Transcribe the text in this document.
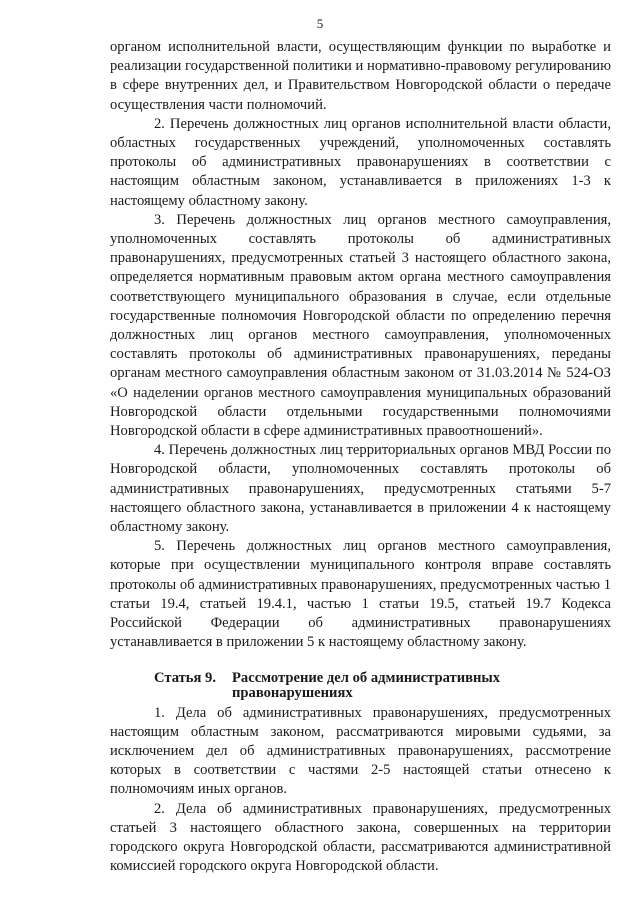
5

органом исполнительной власти, осуществляющим функции по выработке и реализации государственной политики и нормативно-правовому регулированию в сфере внутренних дел, и Правительством Новгородской области о передаче осуществления части полномочий.

2. Перечень должностных лиц органов исполнительной власти области, областных государственных учреждений, уполномоченных составлять протоколы об административных правонарушениях в соответствии с настоящим областным законом, устанавливается в приложениях 1-3 к настоящему областному закону.

3. Перечень должностных лиц органов местного самоуправления, уполномоченных составлять протоколы об административных правонарушениях, предусмотренных статьей 3 настоящего областного закона, определяется нормативным правовым актом органа местного самоуправления соответствующего муниципального образования в случае, если отдельные государственные полномочия Новгородской области по определению перечня должностных лиц органов местного самоуправления, уполномоченных составлять протоколы об административных правонарушениях, переданы органам местного самоуправления областным законом от 31.03.2014 № 524-ОЗ «О наделении органов местного самоуправления муниципальных образований Новгородской области отдельными государственными полномочиями Новгородской области в сфере административных правоотношений».

4. Перечень должностных лиц территориальных органов МВД России по Новгородской области, уполномоченных составлять протоколы об административных правонарушениях, предусмотренных статьями 5-7 настоящего областного закона, устанавливается в приложении 4 к настоящему областному закону.

5. Перечень должностных лиц органов местного самоуправления, которые при осуществлении муниципального контроля вправе составлять протоколы об административных правонарушениях, предусмотренных частью 1 статьи 19.4, статьей 19.4.1, частью 1 статьи 19.5, статьей 19.7 Кодекса Российской Федерации об административных правонарушениях устанавливается в приложении 5 к настоящему областному закону.

Статья 9.	Рассмотрение дел об административных правонарушениях

1. Дела об административных правонарушениях, предусмотренных настоящим областным законом, рассматриваются мировыми судьями, за исключением дел об административных правонарушениях, рассмотрение которых в соответствии с частями 2-5 настоящей статьи отнесено к полномочиям иных органов.

2. Дела об административных правонарушениях, предусмотренных статьей 3 настоящего областного закона, совершенных на территории городского округа Новгородской области, рассматриваются административной комиссией городского округа Новгородской области.
